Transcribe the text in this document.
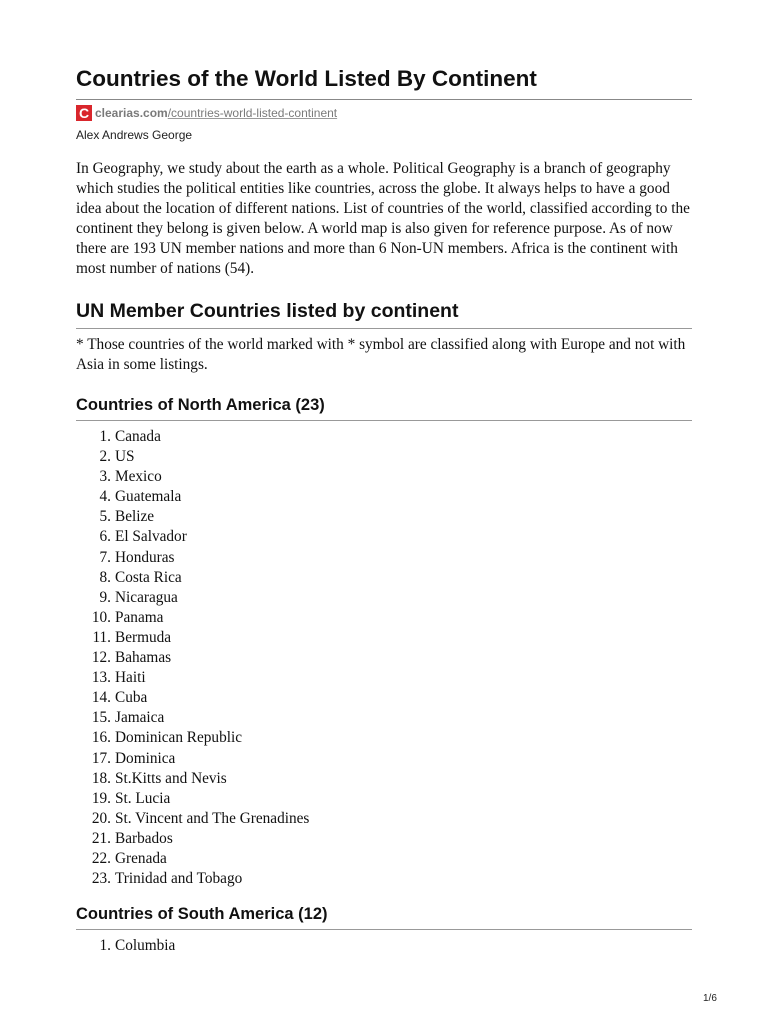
Countries of the World Listed By Continent
C clearias.com /countries-world-listed-continent
Alex Andrews George

In Geography, we study about the earth as a whole. Political Geography is a branch of geography which studies the political entities like countries, across the globe. It always helps to have a good idea about the location of different nations. List of countries of the world, classified according to the continent they belong is given below. A world map is also given for reference purpose. As of now there are 193 UN member nations and more than 6 Non-UN members. Africa is the continent with most number of nations (54).

UN Member Countries listed by continent

* Those countries of the world marked with * symbol are classified along with Europe and not with Asia in some listings.

Countries of North America (23)
1. Canada
2. US
3. Mexico
4. Guatemala
5. Belize
6. El Salvador
7. Honduras
8. Costa Rica
9. Nicaragua
10. Panama
11. Bermuda
12. Bahamas
13. Haiti
14. Cuba
15. Jamaica
16. Dominican Republic
17. Dominica
18. St.Kitts and Nevis
19. St. Lucia
20. St. Vincent and The Grenadines
21. Barbados
22. Grenada
23. Trinidad and Tobago
Countries of South America (12)
1. Columbia
1/6
